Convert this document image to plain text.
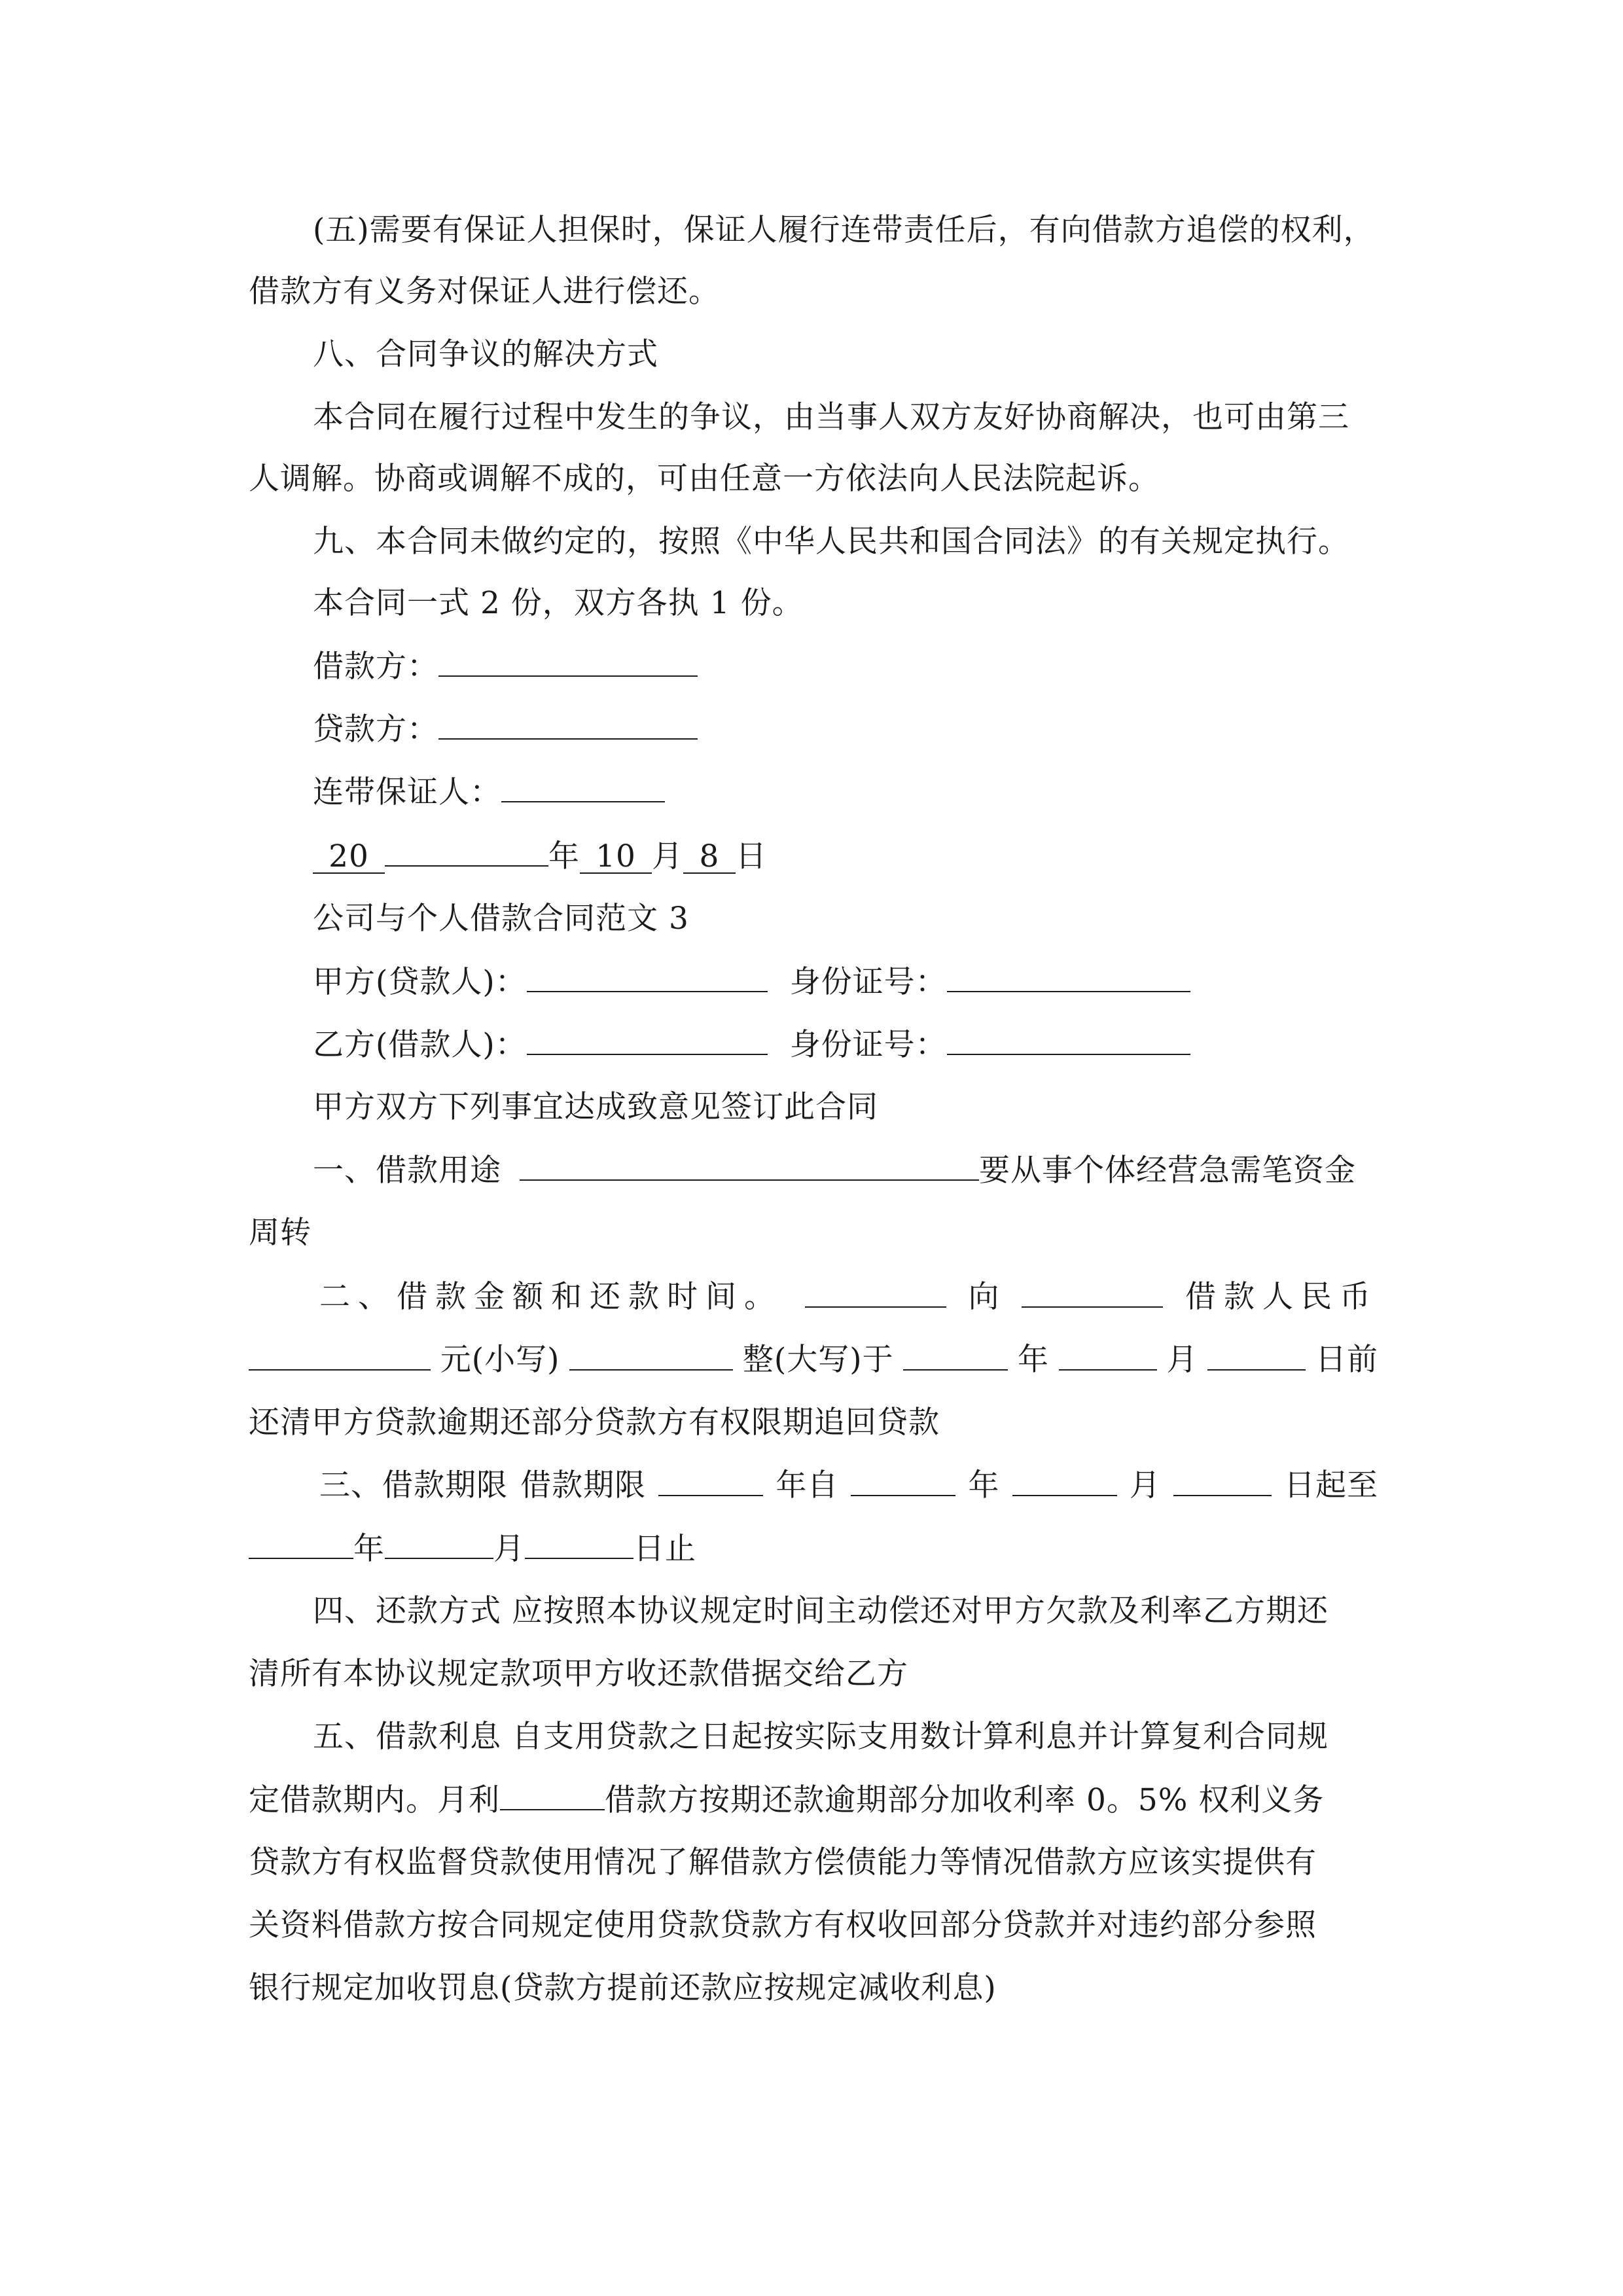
(五)需要有保证人担保时，保证人履行连带责任后，有向借款方追偿的权利，
借款方有义务对保证人进行偿还。
八、合同争议的解决方式
本合同在履行过程中发生的争议，由当事人双方友好协商解决，也可由第三
人调解。协商或调解不成的，可由任意一方依法向人民法院起诉。
九、本合同未做约定的，按照《中华人民共和国合同法》的有关规定执行。
本合同一式 2 份，双方各执 1 份。
借款方：
贷款方：
连带保证人：
20	年 10 月 8 日
公司与个人借款合同范文 3
甲方(贷款人)：	身份证号：
乙方(借款人)：	身份证号：
甲方双方下列事宜达成致意见签订此合同
一、借款用途	要从事个体经营急需笔资金
周转
二、借款金额和还款时间。	向	借款人民币
元(小写)	整(大写)于	年	月	日前
还清甲方贷款逾期还部分贷款方有权限期追回贷款
三、借款期限 借款期限	年自	年	月	日起至
年	月	日止
四、还款方式 应按照本协议规定时间主动偿还对甲方欠款及利率乙方期还
清所有本协议规定款项甲方收还款借据交给乙方
五、借款利息 自支用贷款之日起按实际支用数计算利息并计算复利合同规
定借款期内。月利	借款方按期还款逾期部分加收利率 0。5% 权利义务
贷款方有权监督贷款使用情况了解借款方偿债能力等情况借款方应该实提供有
关资料借款方按合同规定使用贷款贷款方有权收回部分贷款并对违约部分参照
银行规定加收罚息(贷款方提前还款应按规定减收利息)
